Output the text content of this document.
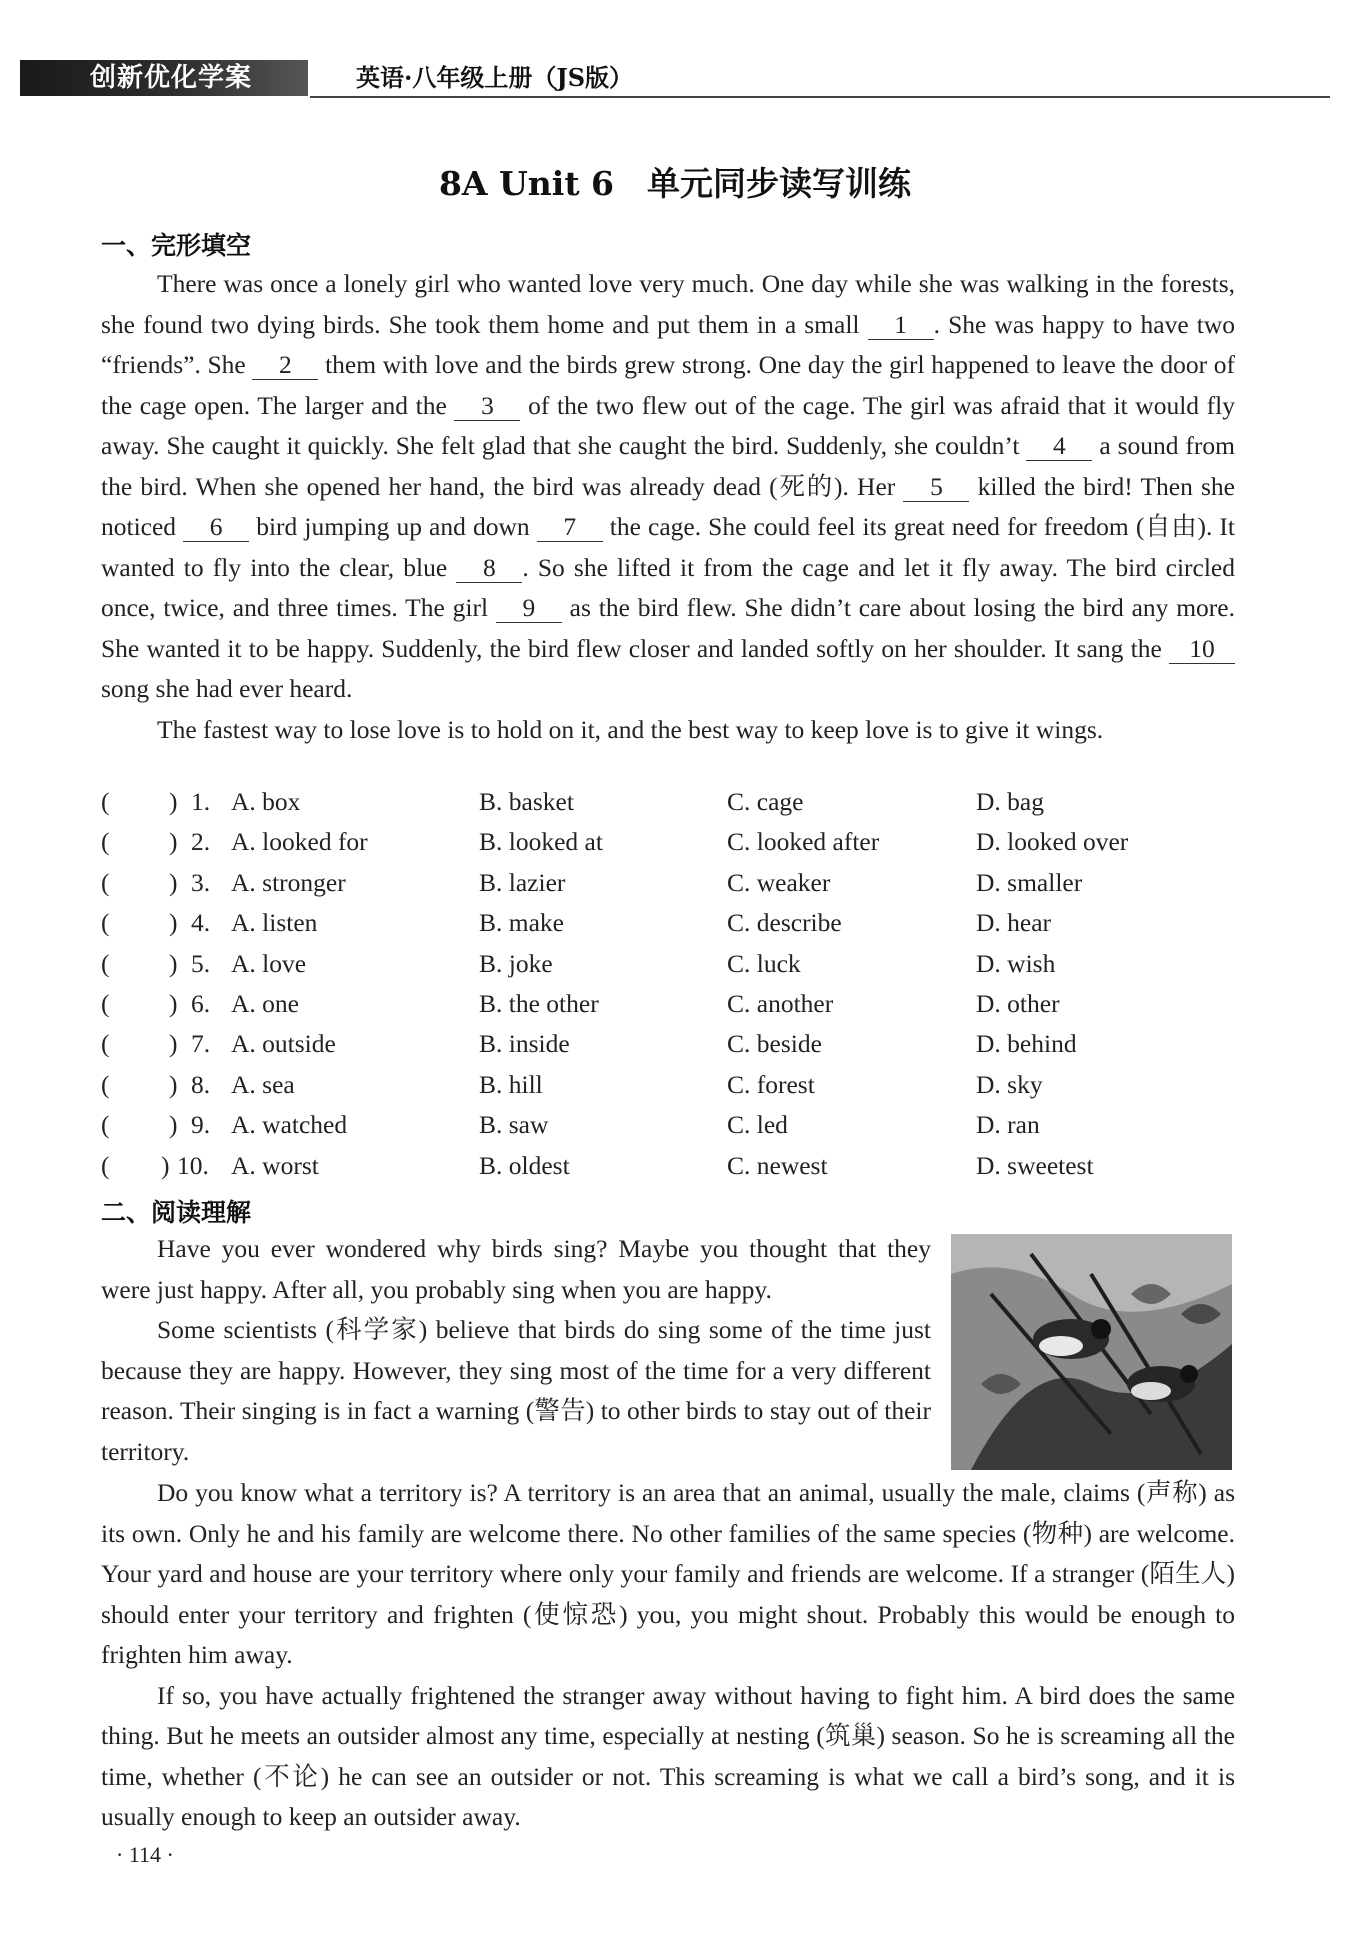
创新优化学案	英语·八年级上册（JS版）
8A Unit 6　单元同步读写训练
一、完形填空

There was once a lonely girl who wanted love very much. One day while she was walking in the forests, she found two dying birds. She took them home and put them in a small 1 . She was happy to have two “friends”. She 2 them with love and the birds grew strong. One day the girl happened to leave the door of the cage open. The larger and the 3 of the two flew out of the cage. The girl was afraid that it would fly away. She caught it quickly. She felt glad that she caught the bird. Suddenly, she couldn’t 4 a sound from the bird. When she opened her hand, the bird was already dead (死的). Her 5 killed the bird! Then she noticed 6 bird jumping up and down 7 the cage. She could feel its great need for freedom (自由). It wanted to fly into the clear, blue 8 . So she lifted it from the cage and let it fly away. The bird circled once, twice, and three times. The girl 9 as the bird flew. She didn’t care about losing the bird any more. She wanted it to be happy. Suddenly, the bird flew closer and landed softly on her shoulder. It sang the 10 song she had ever heard.

The fastest way to lose love is to hold on it, and the best way to keep love is to give it wings.

( ) 1. A. box	B. basket	C. cage	D. bag
( ) 2. A. looked for	B. looked at	C. looked after	D. looked over
( ) 3. A. stronger	B. lazier	C. weaker	D. smaller
( ) 4. A. listen	B. make	C. describe	D. hear
( ) 5. A. love	B. joke	C. luck	D. wish
( ) 6. A. one	B. the other	C. another	D. other
( ) 7. A. outside	B. inside	C. beside	D. behind
( ) 8. A. sea	B. hill	C. forest	D. sky
( ) 9. A. watched	B. saw	C. led	D. ran
( ) 10. A. worst	B. oldest	C. newest	D. sweetest
二、阅读理解

Have you ever wondered why birds sing? Maybe you thought that they were just happy. After all, you probably sing when you are happy.

Some scientists (科学家) believe that birds do sing some of the time just because they are happy. However, they sing most of the time for a very different reason. Their singing is in fact a warning (警告) to other birds to stay out of their territory.

Do you know what a territory is? A territory is an area that an animal, usually the male, claims (声称) as its own. Only he and his family are welcome there. No other families of the same species (物种) are welcome. Your yard and house are your territory where only your family and friends are welcome. If a stranger (陌生人) should enter your territory and frighten (使惊恐) you, you might shout. Probably this would be enough to frighten him away.

If so, you have actually frightened the stranger away without having to fight him. A bird does the same thing. But he meets an outsider almost any time, especially at nesting (筑巢) season. So he is screaming all the time, whether (不论) he can see an outsider or not. This screaming is what we call a bird’s song, and it is usually enough to keep an outsider away.

· 114 ·
